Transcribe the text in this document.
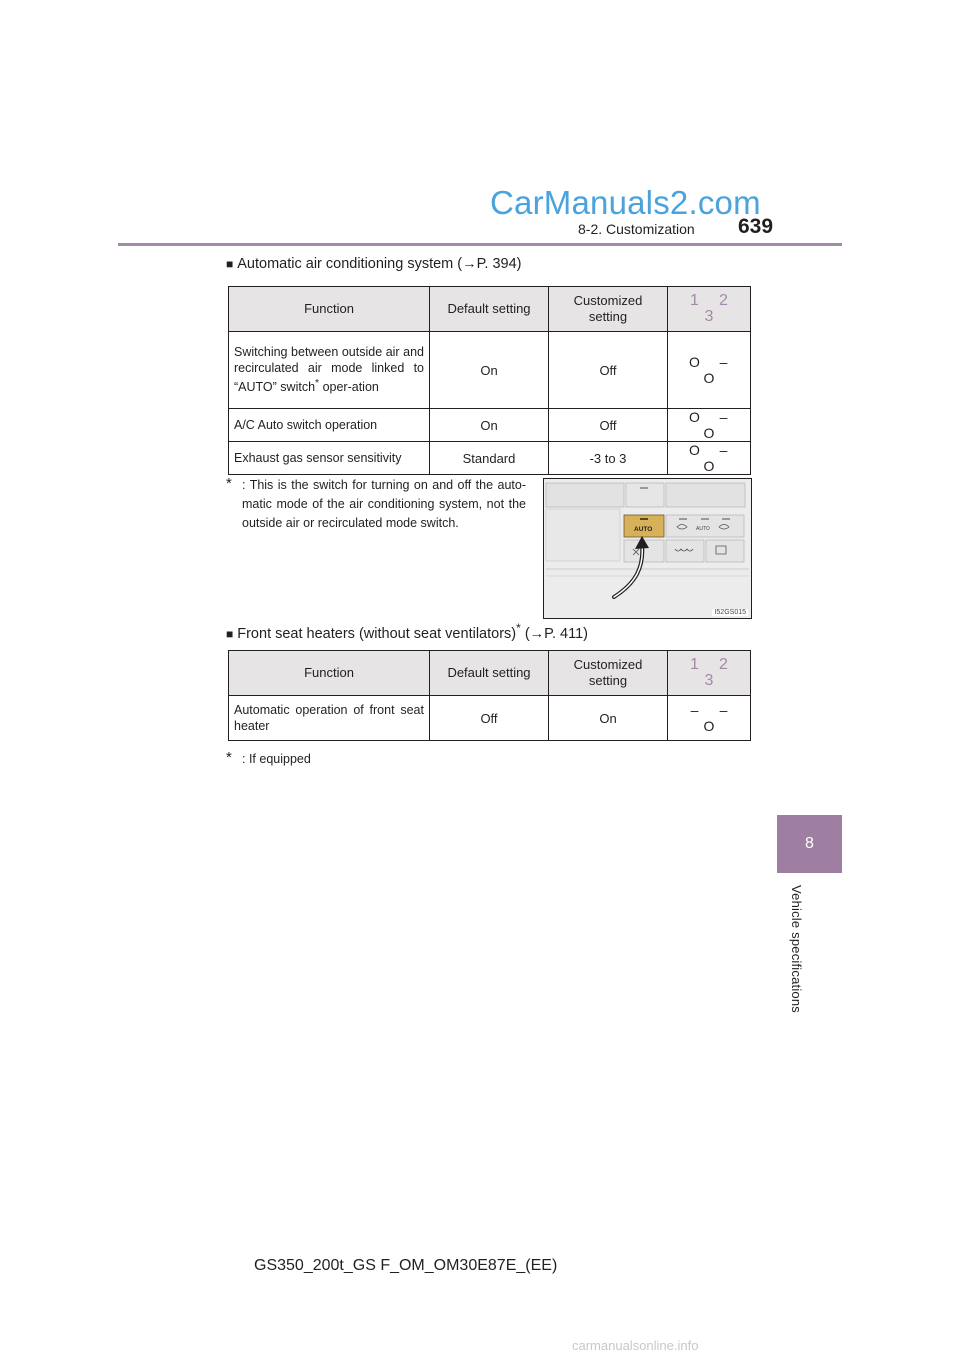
CarManuals2.com
8-2. Customization 639
8
Vehicle specifications
■ Automatic air conditioning system (→P. 394)
Function	Default setting	Customized setting	1 23
Switching between outside air and recirculated air mode linked to “AUTO” switch* oper-ation	On	Off	O –O
A/C Auto switch operation	On	Off	O –O
Exhaust gas sensor sensitivity	Standard	-3 to 3	O –O
* : This is the switch for turning on and off the auto-matic mode of the air conditioning system, not the outside air or recirculated mode switch.	AUTO	AUTO
I52GS015
■ Front seat heaters (without seat ventilators)* (→P. 411)
Function	Default setting	Customized setting	1 23
Automatic operation of front seat heater	Off	On	– –O
* : If equipped
GS350_200t_GS F_OM_OM30E87E_(EE)
carmanualsonline.info
